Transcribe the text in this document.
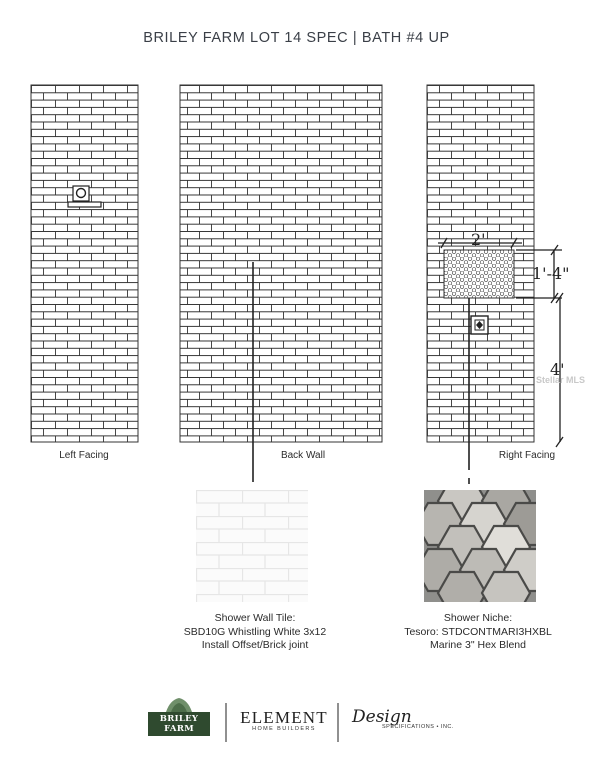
BRILEY FARM LOT 14 SPEC | BATH #4 UP
2'
1'-4"
4'
Stellar MLS
Left Facing	Back Wall	Right Facing
Shower Wall Tile:
SBD10G Whistling White 3x12
Install Offset/Brick joint
Shower Niche:
Tesoro: STDCONTMARI3HXBL
Marine 3" Hex Blend
BRILEY FARM
ELEMENT
HOME BUILDERS
Design
SPECIFICATIONS • INC.
